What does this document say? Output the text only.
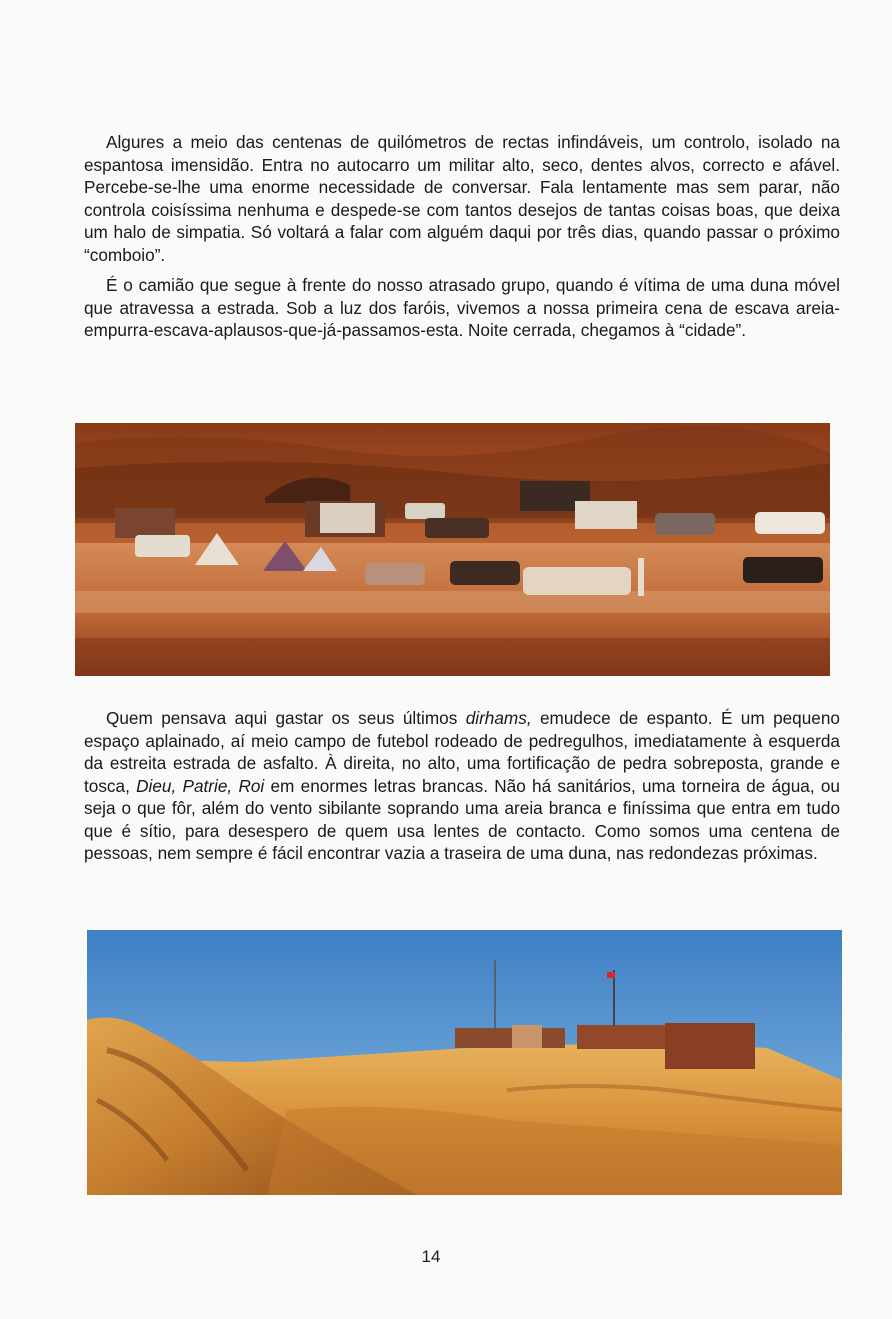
Algures a meio das centenas de quilómetros de rectas infindáveis, um controlo, isolado na espantosa imensidão. Entra no autocarro um militar alto, seco, dentes alvos, correcto e afável. Percebe-se-lhe uma enorme necessidade de conversar. Fala lentamente mas sem parar, não controla coisíssima nenhuma e despede-se com tantos desejos de tantas coisas boas, que deixa um halo de simpatia. Só voltará a falar com alguém daqui por três dias, quando passar o próximo “comboio”.

É o camião que segue à frente do nosso atrasado grupo, quando é vítima de uma duna móvel que atravessa a estrada. Sob a luz dos faróis, vivemos a nossa primeira cena de escava areia-empurra-escava-aplausos-que-já-passamos-esta. Noite cerrada, chegamos à “cidade”.

Quem pensava aqui gastar os seus últimos dirhams, emudece de espanto. É um pequeno espaço aplainado, aí meio campo de futebol rodeado de pedregulhos, imediatamente à esquerda da estreita estrada de asfalto. À direita, no alto, uma fortificação de pedra sobreposta, grande e tosca, Dieu, Patrie, Roi em enormes letras brancas. Não há sanitários, uma torneira de água, ou seja o que fôr, além do vento sibilante soprando uma areia branca e finíssima que entra em tudo que é sítio, para desespero de quem usa lentes de contacto. Como somos uma centena de pessoas, nem sempre é fácil encontrar vazia a traseira de uma duna, nas redondezas próximas.

14
